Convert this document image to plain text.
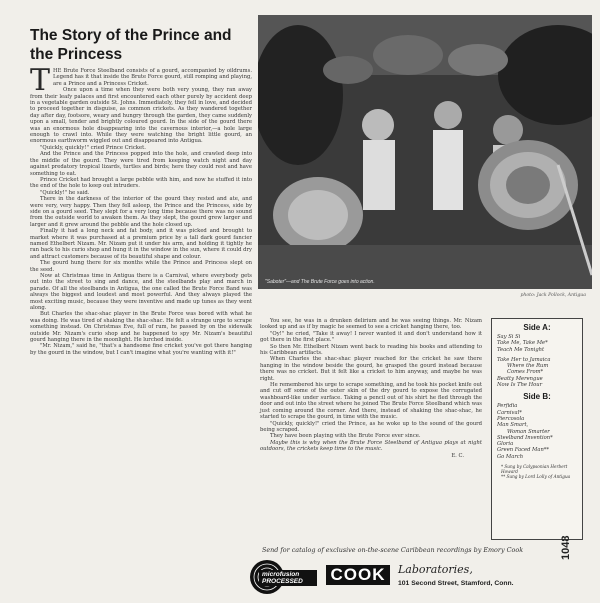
The Story of the Prince and the Princess

THE Brute Force Steelband consists of a gourd, accompanied by oildrums. Legend has it that inside the Brute Force gourd, still romping and playing, are a Prince and a Princess Cricket.

Once upon a time when they were both very young, they ran away from their leafy palaces and first encountered each other purely by accident deep in a vegetable garden outside St. Johns. Immediately, they fell in love, and decided to proceed together in disguise, as common crickets. As they wandered together day after day, footsore, weary and hungry through the garden, they came suddenly upon a small, tender and brightly coloured gourd. In the side of the gourd there was an enormous hole disappearing into the cavernous interior,—a hole large enough to crawl into. While they were watching the bright little gourd, an enormous earthworm wiggled out and disappeared into Antigua.

"Quickly, quickly!" cried Prince Cricket.

And the Prince and the Princess popped into the hole, and crawled deep into the middle of the gourd. They were tired from keeping watch night and day against predatory tropical lizards, turtles and birds; here they could rest and have something to eat.

Prince Cricket had brought a large pebble with him, and now he stuffed it into the end of the hole to keep out intruders.

"Quickly!" he said.

There in the darkness of the interior of the gourd they rested and ate, and were very, very happy. Then they fell asleep, the Prince and the Princess, side by side on a gourd seed. They slept for a very long time because there was no sound from the outside world to awaken them. As they slept, the gourd grew larger and larger and it grew around the pebble and the hole closed up.

Finally it had a long neck and fat body, and it was picked and brought to market where it was purchased at a premium price by a tall dark gourd fancier named Ethelbert Nizam. Mr. Nizam put it under his arm, and holding it tightly he ran back to his curio shop and hung it in the window in the sun, where it could dry and attract customers because of its beautiful shape and colour.

The gourd hung there for six months while the Prince and Princess slept on the seed.

Now at Christmas time in Antigua there is a Carnival, where everybody gets out into the street to sing and dance, and the steelbands play and march in parade. Of all the steelbands in Antigua, the one called the Brute Force Band was always the biggest and loudest and most powerful. And they always played the most exciting music, because they were inventive and made up tunes as they went along.

But Charles the shac-shac player in the Brute Force was bored with what he was doing. He was tired of shaking the shac-shac. He felt a strange urge to scrape something instead. On Christmas Eve, full of rum, he passed by on the sidewalk outside Mr. Nizam's curio shop and he happened to spy Mr. Nizam's beautiful gourd hanging there in the moonlight. He lurched inside.

"Mr. Nizam," said he, "that's a handsome fine cricket you've got there hanging by the gourd in the window, but I can't imagine what you're wanting with it!"

"Saboter"—and The Brute Force goes into action.
photo: Jack Pollock, Antigua

You see, he was in a drunken delirium and he was seeing things. Mr. Nizam looked up and as if by magic he seemed to see a cricket hanging there, too.

"Oy!" he cried, "Take it away! I never wanted it and don't understand how it got there in the first place."

So then Mr. Ethelbert Nizam went back to reading his books and attending to his Caribbean artifacts.

When Charles the shac-shac player reached for the cricket he saw there hanging in the window beside the gourd, he grasped the gourd instead because there was no cricket. But it felt like a cricket to him anyway, and maybe he was right.

He remembered his urge to scrape something, and he took his pocket knife out and cut off some of the outer skin of the dry gourd to expose the corrugated washboard-like under surface. Taking a pencil out of his shirt he fled through the door and out into the street where he joined The Brute Force Steelband which was just coming around the corner. And there, instead of shaking the shac-shac, he started to scrape the gourd, in time with the music.

"Quickly, quickly!" cried the Prince, as he woke up to the sound of the gourd being scraped.

They have been playing with the Brute Force ever since.

Maybe this is why when the Brute Force Steelband of Antigua plays at night outdoors, the crickets keep time to the music.

E. C.

Side A:
Say Si Si
Take Me, Take Me*
Teach Me Tonight
Take Her to Jamaica
Where the Rum
Comes From*
Beatty Merengue
Now Is The Hour
Side B:
Perfidia
Carnival*
Piercosola
Man Smart,
Woman Smarter
Steelband Invention*
Gloria
Green Faced Man**
Go March
* Sung by Calypsonian Herbert Howard
** Sung by Lord Lolly of Antigua
Send for catalog of exclusive on-the-scene Caribbean recordings by Emory Cook
microfusion PROCESSED	COOK	Laboratories,
101 Second Street, Stamford, Conn.
1048
